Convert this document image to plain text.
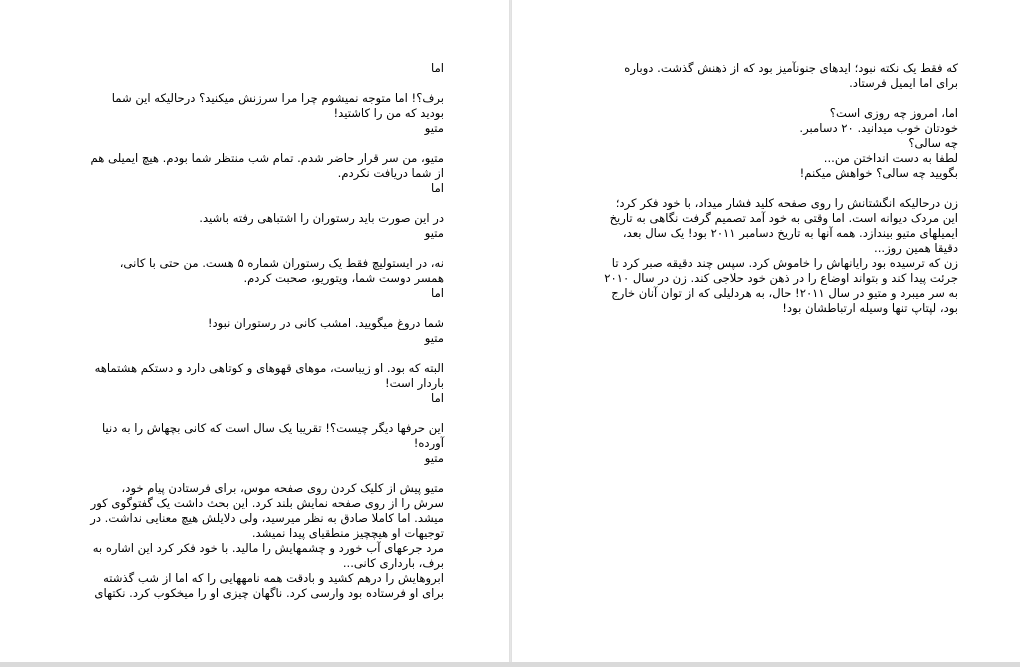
اما
برف؟! اما متوجه نمیشوم چرا مرا سرزنش میکنید؟ درحالیکه این شما
بودید که من را کاشتید!
متیو
متیو، من سر قرار حاضر شدم. تمام شب منتظر شما بودم. هیچ ایمیلی هم
از شما دریافت نکردم.
اما
در این صورت باید رستوران را اشتباهی رفته باشید.
متیو
نه، در ایستولیچ فقط یک رستوران شماره ۵ هست. من حتی با کانی،
همسر دوست شما، ویتوریو، صحبت کردم.
اما
شما دروغ میگویید. امشب کانی در رستوران نبود!
متیو
البته که بود. او زیباست، موهای قهوهای و کوتاهی دارد و دستکم هشتماهه
باردار است!
اما
این حرفها دیگر چیست؟! تقریبا یک سال است که کانی بچهاش را به دنیا
آورده!
متیو
متیو پیش از کلیک کردن روی صفحه موس، برای فرستادن پیام خود،
سرش را از روی صفحه نمایش بلند کرد. این بحث داشت یک گفتوگوی کور
میشد. اما کاملا صادق به نظر میرسید، ولی دلایلش هیچ معنایی نداشت. در
توجیهات او هیچچیز منطقیای پیدا نمیشد.
مرد جرعهای آب خورد و چشمهایش را مالید. با خود فکر کرد این اشاره به
برف، بارداری کانی...
ابروهایش را درهم کشید و بادقت همه نامههایی را که اما از شب گذشته
برای او فرستاده بود وارسی کرد. ناگهان چیزی او را میخکوب کرد. نکتهای
که فقط یک نکته نبود؛ ایدهای جنونآمیز بود که از ذهنش گذشت. دوباره
برای اما ایمیل فرستاد.
اما، امروز چه روزی است؟
خودتان خوب میدانید. ۲۰ دسامبر.
چه سالی؟
لطفا به دست انداختن من...
بگویید چه سالی؟ خواهش میکنم!
زن درحالیکه انگشتانش را روی صفحه کلید فشار میداد، با خود فکر کرد؛
این مردک دیوانه است. اما وقتی به خود آمد تصمیم گرفت نگاهی به تاریخ
ایمیلهای متیو بیندازد. همه آنها به تاریخ دسامبر ۲۰۱۱ بود! یک سال بعد،
دقیقا همین روز...
زن که ترسیده بود رایانهاش را خاموش کرد. سپس چند دقیقه صبر کرد تا
جرئت پیدا کند و بتواند اوضاع را در ذهن خود حلاجی کند. زن در سال ۲۰۱۰
به سر میبرد و متیو در سال ۲۰۱۱! حال، به هردلیلی که از توان آنان خارج
بود، لپتاپ تنها وسیله ارتباطشان بود!
